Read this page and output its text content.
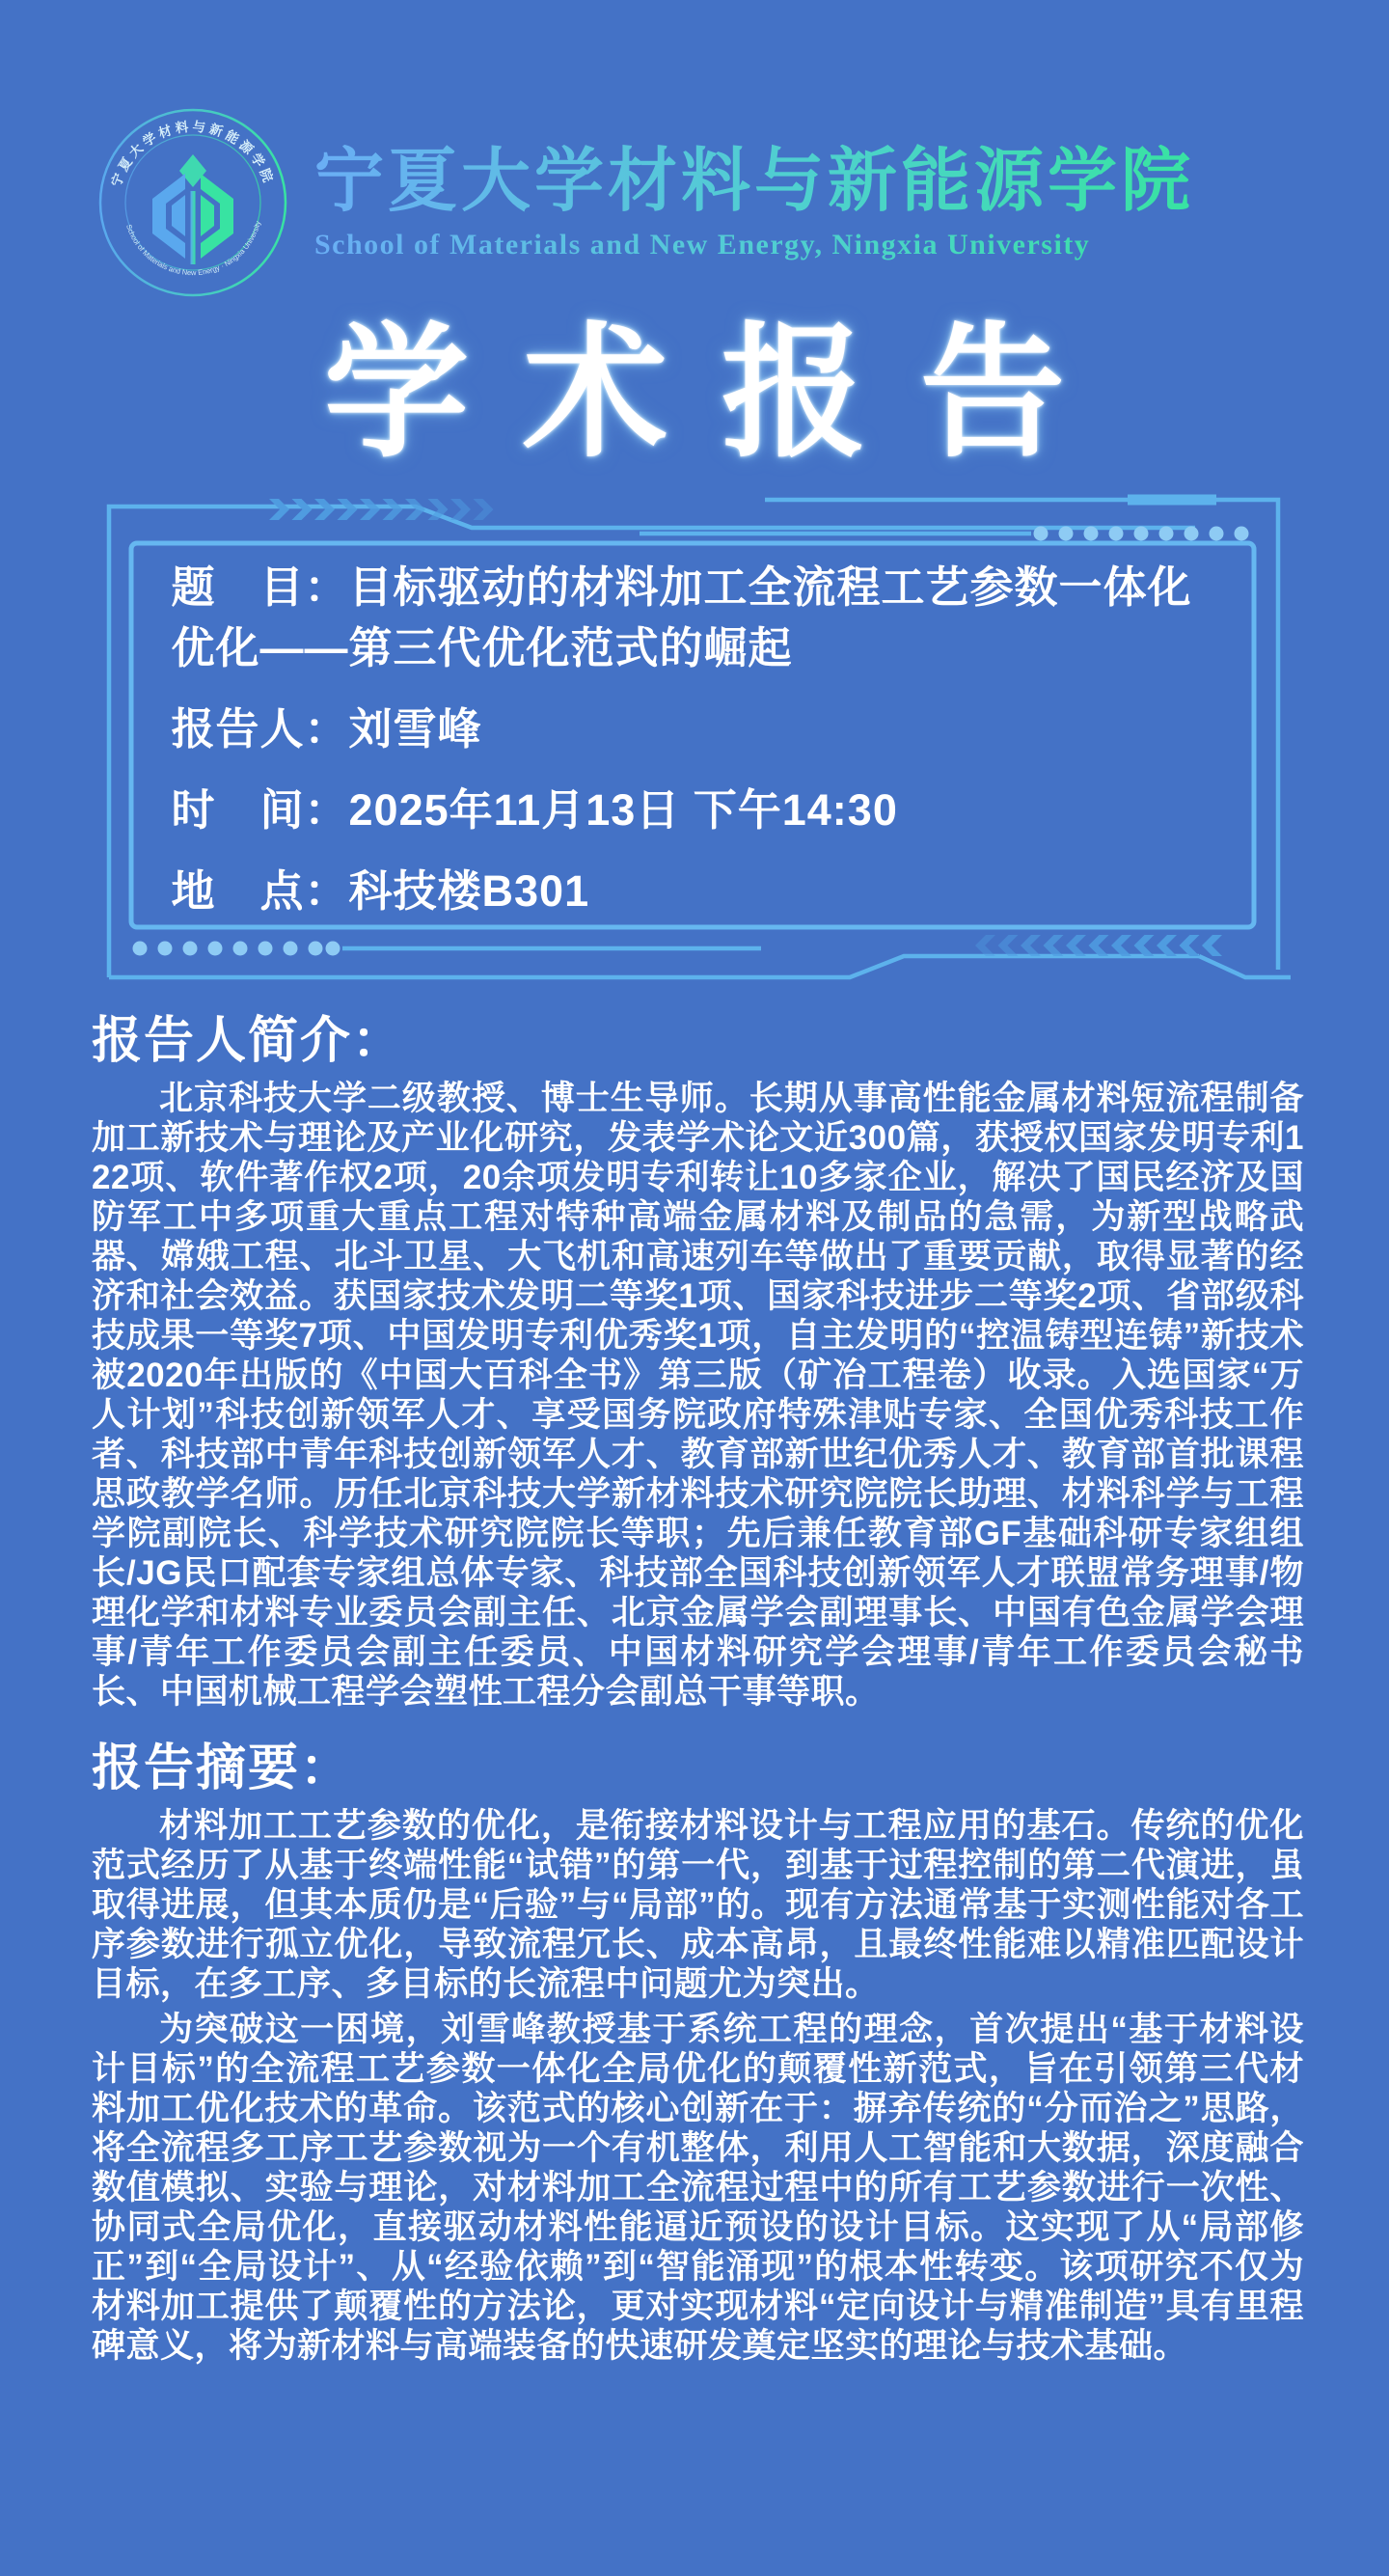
宁夏大学材料与新能源学院
School of Materials and New Energy · Ningxia University
宁夏大学材料与新能源学院
School of Materials and New Energy, Ningxia University
学术报告
题　目：目标驱动的材料加工全流程工艺参数一体化优化——第三代优化范式的崛起
报告人：刘雪峰
时　间：2025年11月13日 下午14:30
地　点：科技楼B301
报告人简介：

北京科技大学二级教授、博士生导师。长期从事高性能金属材料短流程制备加工新技术与理论及产业化研究，发表学术论文近300篇，获授权国家发明专利122项、软件著作权2项，20余项发明专利转让10多家企业，解决了国民经济及国防军工中多项重大重点工程对特种高端金属材料及制品的急需，为新型战略武器、嫦娥工程、北斗卫星、大飞机和高速列车等做出了重要贡献，取得显著的经济和社会效益。获国家技术发明二等奖1项、国家科技进步二等奖2项、省部级科技成果一等奖7项、中国发明专利优秀奖1项，自主发明的“控温铸型连铸”新技术被2020年出版的《中国大百科全书》第三版（矿冶工程卷）收录。入选国家“万人计划”科技创新领军人才、享受国务院政府特殊津贴专家、全国优秀科技工作者、科技部中青年科技创新领军人才、教育部新世纪优秀人才、教育部首批课程思政教学名师。历任北京科技大学新材料技术研究院院长助理、材料科学与工程学院副院长、科学技术研究院院长等职；先后兼任教育部GF基础科研专家组组长/JG民口配套专家组总体专家、科技部全国科技创新领军人才联盟常务理事/物理化学和材料专业委员会副主任、北京金属学会副理事长、中国有色金属学会理事/青年工作委员会副主任委员、中国材料研究学会理事/青年工作委员会秘书长、中国机械工程学会塑性工程分会副总干事等职。

报告摘要：

材料加工工艺参数的优化，是衔接材料设计与工程应用的基石。传统的优化范式经历了从基于终端性能“试错”的第一代，到基于过程控制的第二代演进，虽取得进展，但其本质仍是“后验”与“局部”的。现有方法通常基于实测性能对各工序参数进行孤立优化，导致流程冗长、成本高昂，且最终性能难以精准匹配设计目标，在多工序、多目标的长流程中问题尤为突出。

为突破这一困境，刘雪峰教授基于系统工程的理念，首次提出“基于材料设计目标”的全流程工艺参数一体化全局优化的颠覆性新范式，旨在引领第三代材料加工优化技术的革命。该范式的核心创新在于：摒弃传统的“分而治之”思路，将全流程多工序工艺参数视为一个有机整体，利用人工智能和大数据，深度融合数值模拟、实验与理论，对材料加工全流程过程中的所有工艺参数进行一次性、协同式全局优化，直接驱动材料性能逼近预设的设计目标。这实现了从“局部修正”到“全局设计”、从“经验依赖”到“智能涌现”的根本性转变。该项研究不仅为材料加工提供了颠覆性的方法论，更对实现材料“定向设计与精准制造”具有里程碑意义，将为新材料与高端装备的快速研发奠定坚实的理论与技术基础。
